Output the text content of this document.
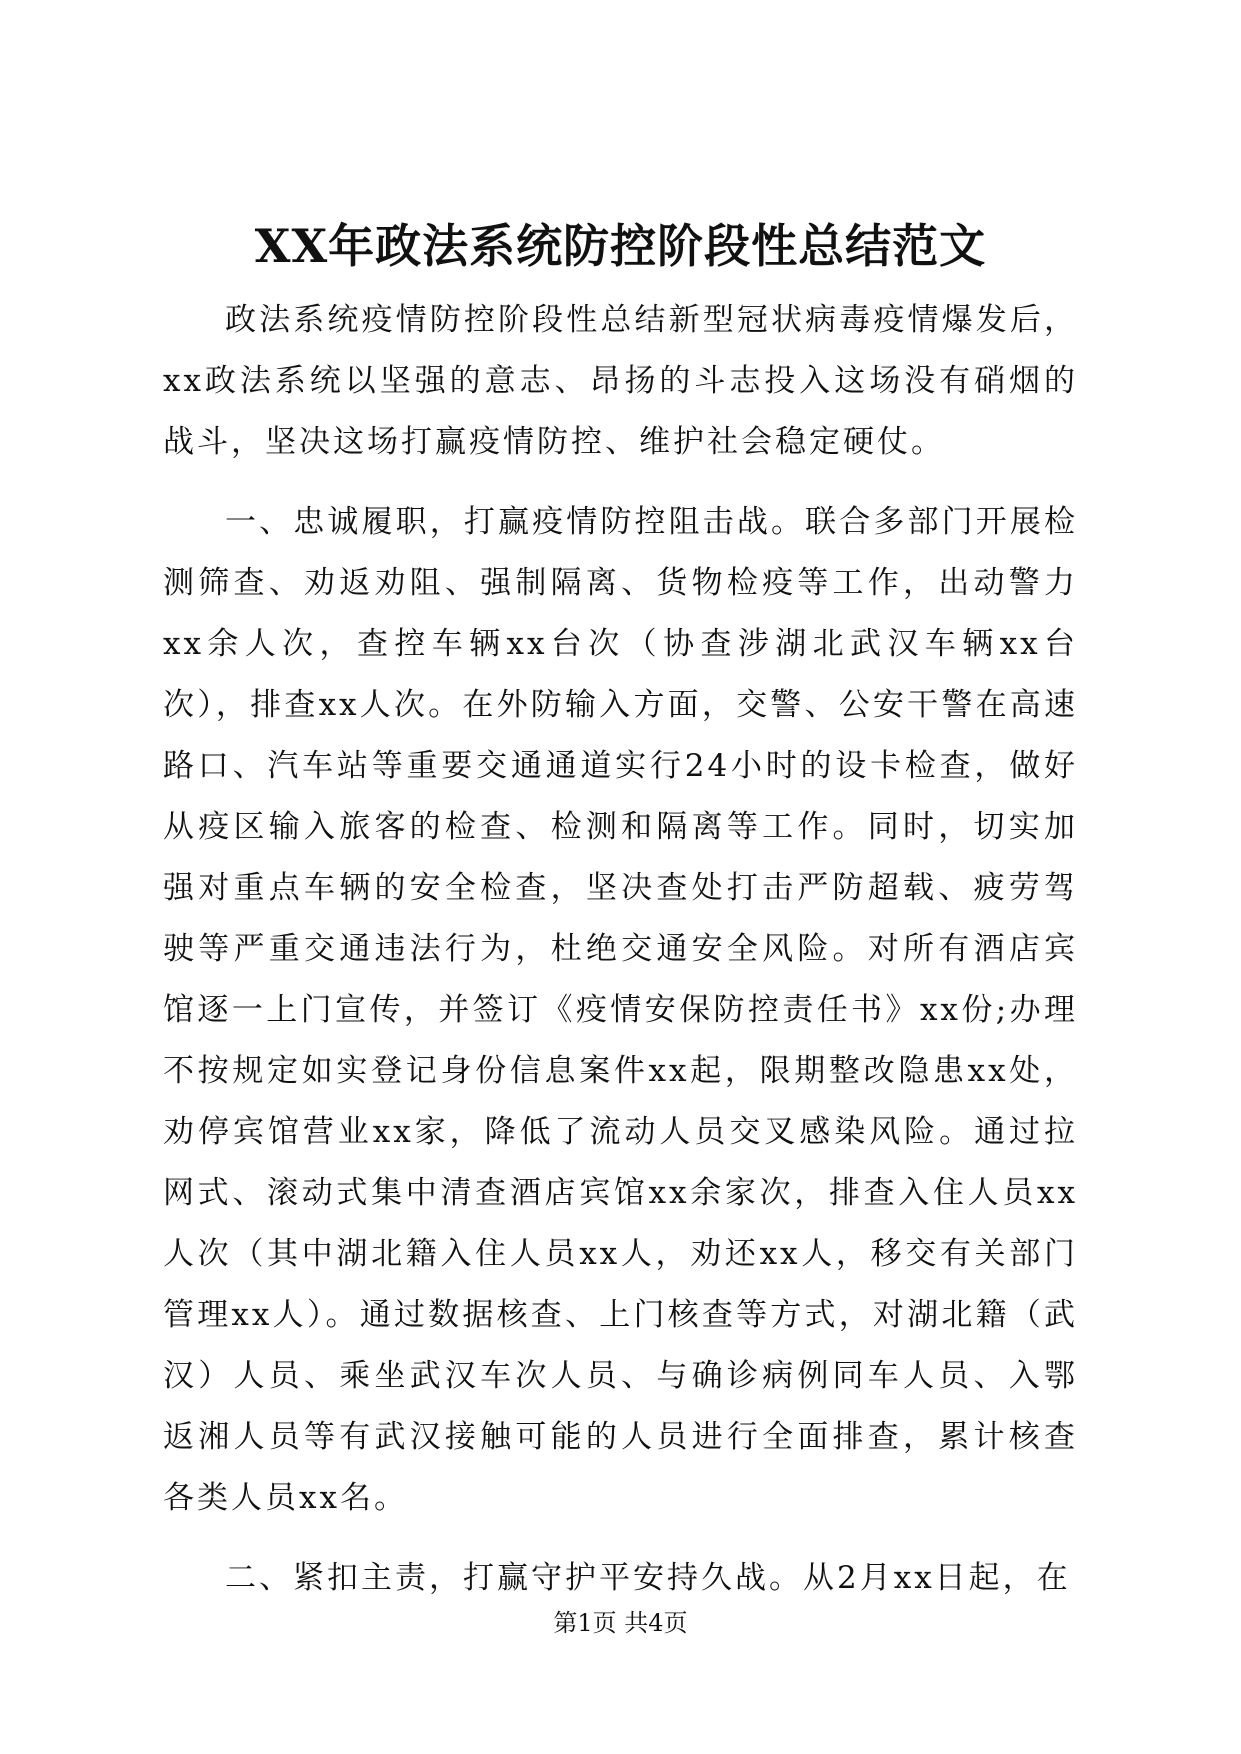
XX年政法系统防控阶段性总结范文

政法系统疫情防控阶段性总结新型冠状病毒疫情爆发后，xx政法系统以坚强的意志、昂扬的斗志投入这场没有硝烟的战斗，坚决这场打赢疫情防控、维护社会稳定硬仗。

一、忠诚履职，打赢疫情防控阻击战。联合多部门开展检测筛查、劝返劝阻、强制隔离、货物检疫等工作，出动警力xx余人次，查控车辆xx台次（协查涉湖北武汉车辆xx台次），排查xx人次。在外防输入方面，交警、公安干警在高速路口、汽车站等重要交通通道实行24小时的设卡检查，做好从疫区输入旅客的检查、检测和隔离等工作。同时，切实加强对重点车辆的安全检查，坚决查处打击严防超载、疲劳驾驶等严重交通违法行为，杜绝交通安全风险。对所有酒店宾馆逐一上门宣传，并签订《疫情安保防控责任书》xx份;办理不按规定如实登记身份信息案件xx起，限期整改隐患xx处，劝停宾馆营业xx家，降低了流动人员交叉感染风险。通过拉网式、滚动式集中清查酒店宾馆xx余家次，排查入住人员xx人次（其中湖北籍入住人员xx人，劝还xx人，移交有关部门管理xx人）。通过数据核查、上门核查等方式，对湖北籍（武汉）人员、乘坐武汉车次人员、与确诊病例同车人员、入鄂返湘人员等有武汉接触可能的人员进行全面排查，累计核查各类人员xx名。

二、紧扣主责，打赢守护平安持久战。从2月xx日起，在

第1页 共4页
